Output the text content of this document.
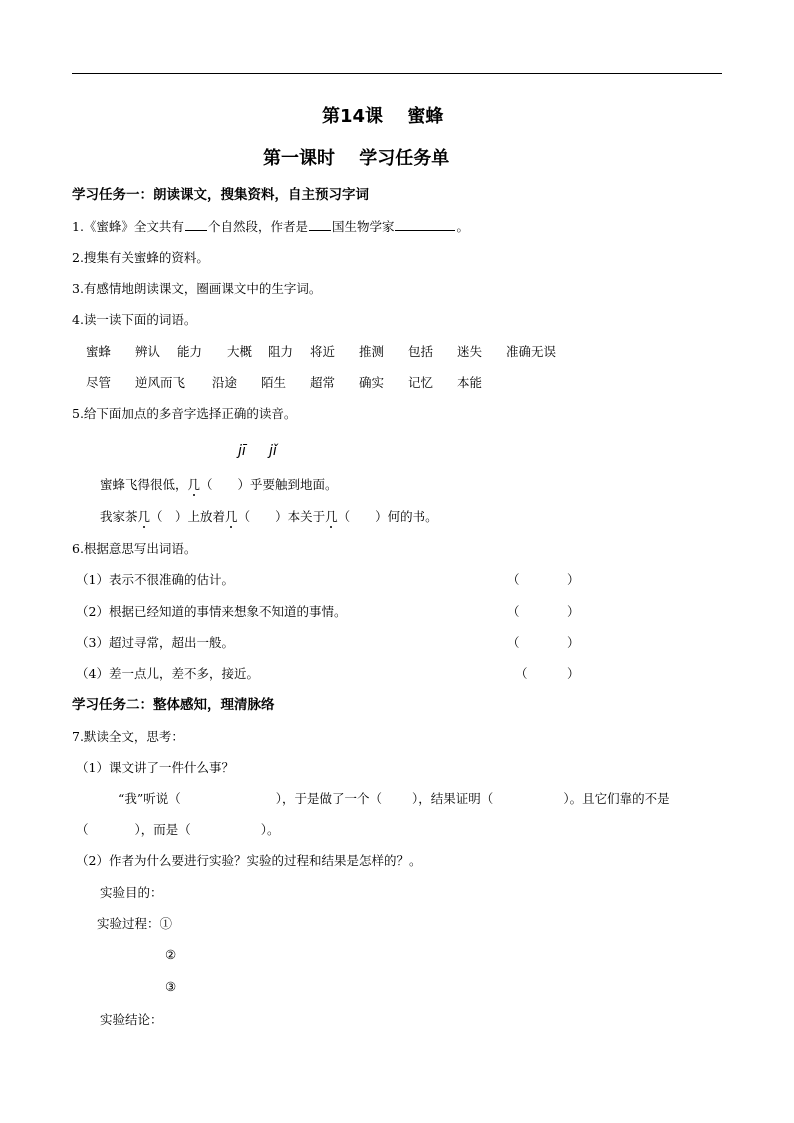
第14课　 蜜蜂
第一课时　 学习任务单
学习任务一：朗读课文，搜集资料，自主预习字词
1.《蜜蜂》全文共有 个自然段，作者是 国生物学家	。
2.搜集有关蜜蜂的资料。
3.有感情地朗读课文，圈画课文中的生字词。
4.读一读下面的词语。
蜜蜂 辨认 能力 大概 阻力 将近 推测 包括 迷失 准确无误
尽管 逆风而飞 沿途 陌生 超常 确实 记忆 本能
5.给下面加点的多音字选择正确的读音。
jī jǐ
蜜蜂飞得很低，几（　　）乎要触到地面。
我家茶几（　）上放着几（　　）本关于几（　　）何的书。
6.根据意思写出词语。
（1）表示不很准确的估计。	（	）
（2）根据已经知道的事情来想象不知道的事情。	（	）
（3）超过寻常，超出一般。	（	）
（4）差一点儿，差不多，接近。	（	）
学习任务二：整体感知，理清脉络
7.默读全文，思考：
（1）课文讲了一件什么事？
“我”听说（	），于是做了一个（ ），结果证明（	）。且它们靠的不是
（	），而是（	）。
（2）作者为什么要进行实验？实验的过程和结果是怎样的？。
实验目的：
实验过程：①
②
③
实验结论：
